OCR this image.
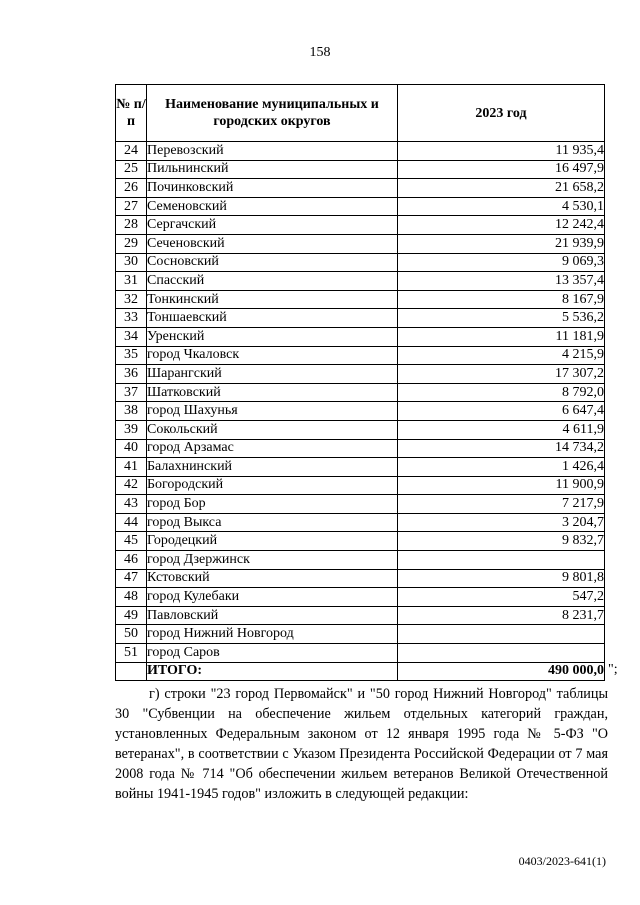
158
№ п/п	Наименование муниципальных и городских округов	2023 год
24	Перевозский	11 935,4
25	Пильнинский	16 497,9
26	Починковский	21 658,2
27	Семеновский	4 530,1
28	Сергачский	12 242,4
29	Сеченовский	21 939,9
30	Сосновский	9 069,3
31	Спасский	13 357,4
32	Тонкинский	8 167,9
33	Тоншаевский	5 536,2
34	Уренский	11 181,9
35	город Чкаловск	4 215,9
36	Шарангский	17 307,2
37	Шатковский	8 792,0
38	город Шахунья	6 647,4
39	Сокольский	4 611,9
40	город Арзамас	14 734,2
41	Балахнинский	1 426,4
42	Богородский	11 900,9
43	город Бор	7 217,9
44	город Выкса	3 204,7
45	Городецкий	9 832,7
46	город Дзержинск	
47	Кстовский	9 801,8
48	город Кулебаки	547,2
49	Павловский	8 231,7
50	город Нижний Новгород	
51	город Саров	
	ИТОГО:	490 000,0 ";
г) строки "23 город Первомайск" и "50 город Нижний Новгород" таблицы 30 "Субвенции на обеспечение жильем отдельных категорий граждан, установленных Федеральным законом от 12 января 1995 года № 5-ФЗ "О ветеранах", в соответствии с Указом Президента Российской Федерации от 7 мая 2008 года № 714 "Об обеспечении жильем ветеранов Великой Отечественной войны 1941-1945 годов" изложить в следующей редакции:
0403/2023-641(1)
